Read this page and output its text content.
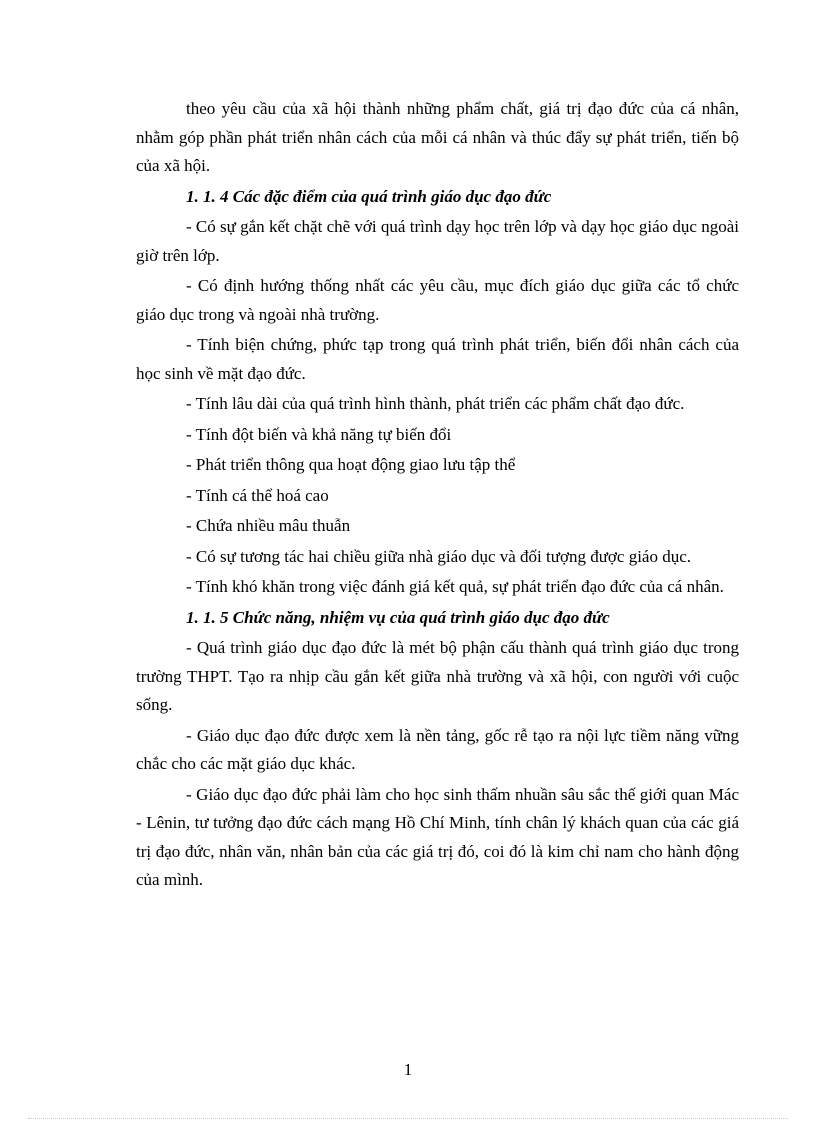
theo yêu cầu của xã hội thành những phẩm chất, giá trị đạo đức của cá nhân, nhằm góp phần phát triển nhân cách của mỗi cá nhân và thúc đẩy sự phát triển, tiến bộ của xã hội.

1. 1. 4 Các đặc điểm của quá trình giáo dục đạo đức

- Có sự gắn kết chặt chẽ với quá trình dạy học trên lớp và dạy học giáo dục ngoài giờ trên lớp.

- Có định hướng thống nhất các yêu cầu, mục đích giáo dục giữa các tổ chức giáo dục trong và ngoài nhà trường.

- Tính biện chứng, phức tạp trong quá trình phát triển, biến đổi nhân cách của học sinh về mặt đạo đức.

- Tính lâu dài của quá trình hình thành, phát triển các phẩm chất đạo đức.

- Tính đột biến và khả năng tự biến đổi

- Phát triển thông qua hoạt động giao lưu tập thể

- Tính cá thể hoá cao

- Chứa nhiều mâu thuẫn

- Có sự tương tác hai chiều giữa nhà giáo dục và đối tượng được giáo dục.

- Tính khó khăn trong việc đánh giá kết quả, sự phát triển đạo đức của cá nhân.

1. 1. 5 Chức năng, nhiệm vụ của quá trình giáo dục đạo đức

- Quá trình giáo dục đạo đức là mét bộ phận cấu thành quá trình giáo dục trong trường THPT. Tạo ra nhịp cầu gắn kết giữa nhà trường và xã hội, con người với cuộc sống.

- Giáo dục đạo đức được xem là nền tảng, gốc rễ tạo ra nội lực tiềm năng vững chắc cho các mặt giáo dục khác.

- Giáo dục đạo đức phải làm cho học sinh thấm nhuần sâu sắc thế giới quan Mác - Lênin, tư tưởng đạo đức cách mạng Hồ Chí Minh, tính chân lý khách quan của các giá trị đạo đức, nhân văn, nhân bản của các giá trị đó, coi đó là kim chỉ nam cho hành động của mình.

1
